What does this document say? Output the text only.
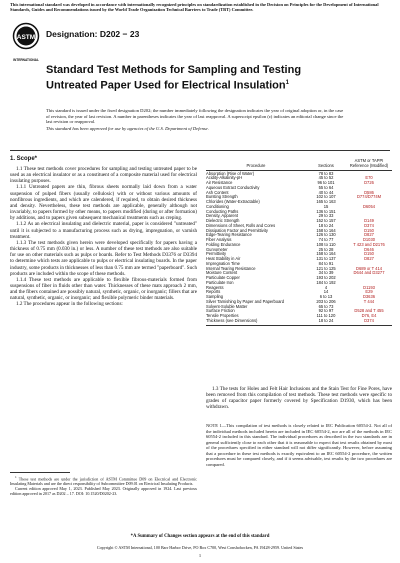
This international standard was developed in accordance with internationally recognized principles on standardization established in the Decision on Principles for the Development of International Standards, Guides and Recommendations issued by the World Trade Organization Technical Barriers to Trade (TBT) Committee.
ASTM
INTERNATIONAL
Designation: D202 − 23
Standard Test Methods for Sampling and Testing Untreated Paper Used for Electrical Insulation$^1$
This standard is issued under the fixed designation D202; the number immediately following the designation indicates the year of original adoption or, in the case of revision, the year of last revision. A number in parentheses indicates the year of last reapproval. A superscript epsilon (ε) indicates an editorial change since the last revision or reapproval.
This standard has been approved for use by agencies of the U.S. Department of Defense.
1. Scope*

1.1 These test methods cover procedures for sampling and testing untreated paper to be used as an electrical insulator or as a constituent of a composite material used for electrical insulating purposes.

1.1.1 Untreated papers are thin, fibrous sheets normally laid down from a water suspension of pulped fibers (usually cellulosic) with or without various amounts of nonfibrous ingredients, and which are calendered, if required, to obtain desired thickness and density. Nevertheless, these test methods are applicable, generally although not invariably, to papers formed by other means, to papers modified (during or after formation) by additions, and to papers given subsequent mechanical treatments such as creping.

1.1.2 As an electrical insulating and dielectric material, paper is considered "untreated" until it is subjected to a manufacturing process such as drying, impregnation, or varnish treatment.

1.1.3 The test methods given herein were developed specifically for papers having a thickness of 0.75 mm (0.030 in.) or less. A number of these test methods are also suitable for use on other materials such as pulps or boards. Refer to Test Methods D3376 or D3394 to determine which tests are applicable to pulps or electrical insulating boards. In the paper industry, some products in thicknesses of less than 0.75 mm are termed "paperboard". Such products are included within the scope of these methods.

1.1.4 These test methods are applicable to flexible fibrous-materials formed from suspensions of fiber in fluids other than water. Thicknesses of these mats approach 2 mm, and the fibers contained are possibly natural, synthetic, organic, or inorganic; fillers that are natural, synthetic, organic, or inorganic; and flexible polymeric binder materials.

1.2 The procedures appear in the following sections:

$^1$ These test methods are under the jurisdiction of ASTM Committee D09 on Electrical and Electronic Insulating Materials and are the direct responsibility of Subcommittee D09.01 on Electrical Insulating Products.

Current edition approved May 1, 2023. Published May 2023. Originally approved in 1924. Last previous edition approved in 2017 as D202 – 17. DOI: 10.1520/D0202-23.

Procedure	Sections	ASTM or TAPPI Reference (Modified)
Absorption (Rise of Water)	78 to 83	
Acidity-Alkalinity-pH	45 to 52	E70
Air Resistance	96 to 101	D726
Aqueous Extract Conductivity	55 to 64	
Ash Content	40 to 44	D586
Bursting Strength	102 to 107	D774/D774M
Chlorides (Water-Extractable)	165 to 163	
Conditioning	15	D6054
Conducting Paths	136 to 151	
Density, Apparent	29 to 33	
Dielectric Strength	152 to 157	D149
Dimensions of Sheet, Rolls and Cores	18 to 24	D374
Dissipation Factor and Permittivity	158 to 164	D150
Edge-Tearing Resistance	126 to 130	D827
Fiber Analysis	74 to 77	D1030
Folding Endurance	108 to 110	T 423 and D2176
Gurvometer	25 to 28	D646
Permittivity	158 to 164	D150
Heat Stability in Air	131 to 137	D827
Impregnation Time	84 to 91	
Internal Tearing Resistance	121 to 125	D689 or T 414
Moisture Content	34 to 39	D644 and D3277
Particulate Copper	193 to 202	
Particulate Iron	184 to 192	
Reagents	4	D1193
Reports	14	E29
Sampling	6 to 13	D3636
Silver Tarnishing by Paper and Paperboard	203 to 206	T 444
Solvent-Soluble Matter	65 to 73	
Surface Friction	92 to 97	D528 and T 455
Tensile Properties	111 to 120	D76, E4
Thickness (see Dimensions)	18 to 24	D374

1.3 The tests for Holes and Felt Hair Inclusions and the Stain Test for Fine Pores, have been removed from this compilation of test methods. These test methods were specific to grades of capacitor paper formerly covered by Specification D1930, which has been withdrawn.

NOTE 1—This compilation of test methods is closely related to IEC Publication 60554-2. Not all of the individual methods included herein are included in IEC 60554-2, nor are all of the methods in IEC 60554-2 included in this standard. The individual procedures as described in the two standards are in general sufficiently close to each other that it is reasonable to expect that test results obtained by most of the procedures specified in either standard will not differ significantly. However, before assuming that a procedure in these test methods is exactly equivalent to an IEC 60554-2 procedure, the written procedures must be compared closely, and if it seems advisable, test results by the two procedures are compared.
*A Summary of Changes section appears at the end of this standard
Copyright © ASTM International, 100 Barr Harbor Drive, PO Box C700, West Conshohocken, PA 19428-2959. United States
1
